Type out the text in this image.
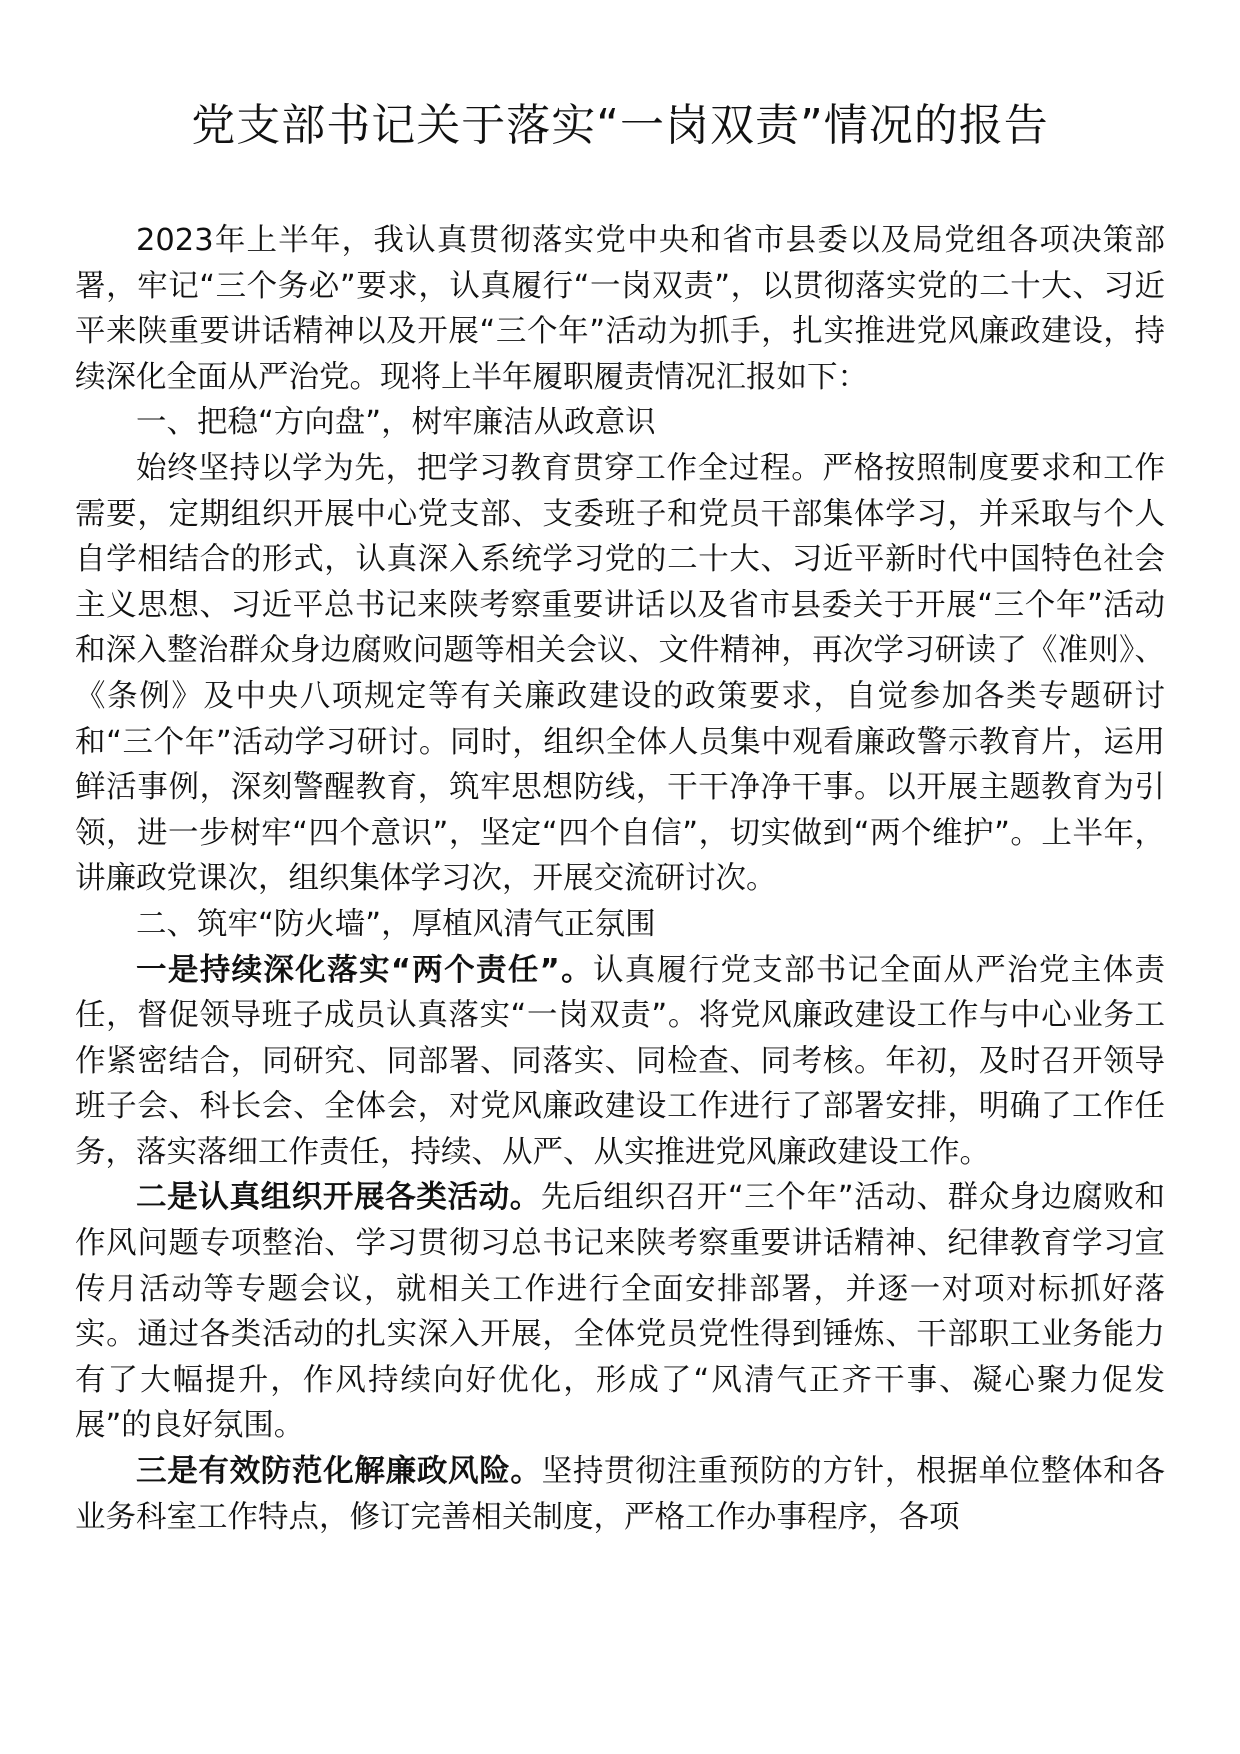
党支部书记关于落实“一岗双责”情况的报告

2023年上半年，我认真贯彻落实党中央和省市县委以及局党组各项决策部署，牢记“三个务必”要求，认真履行“一岗双责”，以贯彻落实党的二十大、习近平来陕重要讲话精神以及开展“三个年”活动为抓手，扎实推进党风廉政建设，持续深化全面从严治党。现将上半年履职履责情况汇报如下：

一、把稳“方向盘”，树牢廉洁从政意识

始终坚持以学为先，把学习教育贯穿工作全过程。严格按照制度要求和工作需要，定期组织开展中心党支部、支委班子和党员干部集体学习，并采取与个人自学相结合的形式，认真深入系统学习党的二十大、习近平新时代中国特色社会主义思想、习近平总书记来陕考察重要讲话以及省市县委关于开展“三个年”活动和深入整治群众身边腐败问题等相关会议、文件精神，再次学习研读了《准则》、《条例》及中央八项规定等有关廉政建设的政策要求，自觉参加各类专题研讨和“三个年”活动学习研讨。同时，组织全体人员集中观看廉政警示教育片，运用鲜活事例，深刻警醒教育，筑牢思想防线，干干净净干事。以开展主题教育为引领，进一步树牢“四个意识”，坚定“四个自信”，切实做到“两个维护”。上半年，讲廉政党课次，组织集体学习次，开展交流研讨次。

二、筑牢“防火墙”，厚植风清气正氛围

一是持续深化落实“两个责任”。认真履行党支部书记全面从严治党主体责任，督促领导班子成员认真落实“一岗双责”。将党风廉政建设工作与中心业务工作紧密结合，同研究、同部署、同落实、同检查、同考核。年初，及时召开领导班子会、科长会、全体会，对党风廉政建设工作进行了部署安排，明确了工作任务，落实落细工作责任，持续、从严、从实推进党风廉政建设工作。

二是认真组织开展各类活动。先后组织召开“三个年”活动、群众身边腐败和作风问题专项整治、学习贯彻习总书记来陕考察重要讲话精神、纪律教育学习宣传月活动等专题会议，就相关工作进行全面安排部署，并逐一对项对标抓好落实。通过各类活动的扎实深入开展，全体党员党性得到锤炼、干部职工业务能力有了大幅提升，作风持续向好优化，形成了“风清气正齐干事、凝心聚力促发展”的良好氛围。

三是有效防范化解廉政风险。坚持贯彻注重预防的方针，根据单位整体和各业务科室工作特点，修订完善相关制度，严格工作办事程序，各项
